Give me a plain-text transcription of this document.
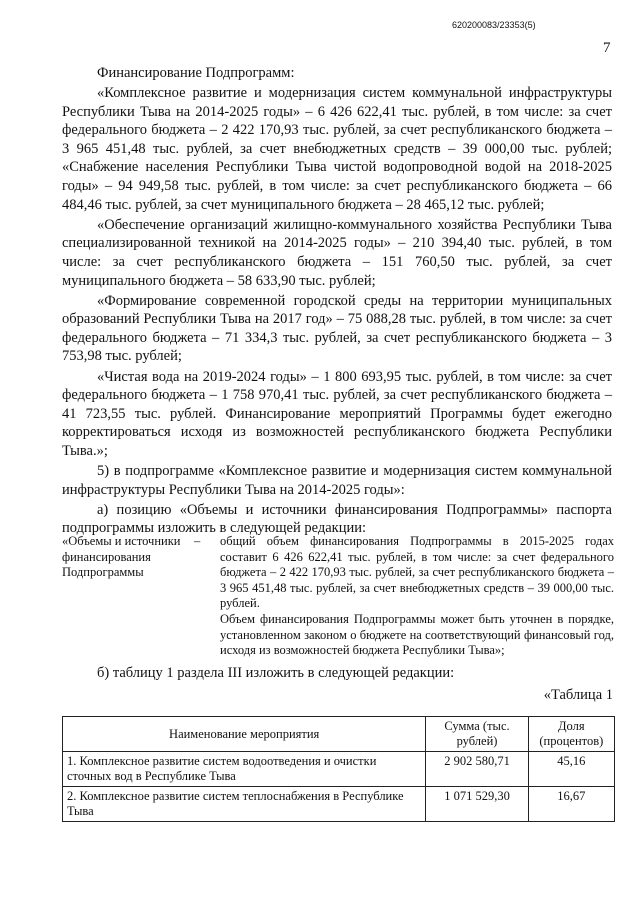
620200083/23353(5)
7

Финансирование Подпрограмм:

«Комплексное развитие и модернизация систем коммунальной инфраструктуры Республики Тыва на 2014-2025 годы» – 6 426 622,41 тыс. рублей, в том числе: за счет федерального бюджета – 2 422 170,93 тыс. рублей, за счет республиканского бюджета – 3 965 451,48 тыс. рублей, за счет внебюджетных средств – 39 000,00 тыс. рублей; «Снабжение населения Республики Тыва чистой водопроводной водой на 2018-2025 годы» – 94 949,58 тыс. рублей, в том числе: за счет республиканского бюджета – 66 484,46 тыс. рублей, за счет муниципального бюджета – 28 465,12 тыс. рублей;

«Обеспечение организаций жилищно-коммунального хозяйства Республики Тыва специализированной техникой на 2014-2025 годы» – 210 394,40 тыс. рублей, в том числе: за счет республиканского бюджета – 151 760,50 тыс. рублей, за счет муниципального бюджета – 58 633,90 тыс. рублей;

«Формирование современной городской среды на территории муниципальных образований Республики Тыва на 2017 год» – 75 088,28 тыс. рублей, в том числе: за счет федерального бюджета – 71 334,3 тыс. рублей, за счет республиканского бюджета – 3 753,98 тыс. рублей;

«Чистая вода на 2019-2024 годы» – 1 800 693,95 тыс. рублей, в том числе: за счет федерального бюджета – 1 758 970,41 тыс. рублей, за счет республиканского бюджета – 41 723,55 тыс. рублей. Финансирование мероприятий Программы будет ежегодно корректироваться исходя из возможностей республиканского бюджета Республики Тыва.»;

5) в подпрограмме «Комплексное развитие и модернизация систем коммунальной инфраструктуры Республики Тыва на 2014-2025 годы»:

а) позицию «Объемы и источники финансирования Подпрограммы» паспорта подпрограммы изложить в следующей редакции:

«Объемы и источники финансирования Подпрограммы
–	общий объем финансирования Подпрограммы в 2015-2025 годах составит 6 426 622,41 тыс. рублей, в том числе: за счет федерального бюджета – 2 422 170,93 тыс. рублей, за счет республиканского бюджета – 3 965 451,48 тыс. рублей, за счет внебюджетных средств – 39 000,00 тыс. рублей.

Объем финансирования Подпрограммы может быть уточнен в порядке, установленном законом о бюджете на соответствующий финансовый год, исходя из возможностей бюджета Республики Тыва»;

б) таблицу 1 раздела III изложить в следующей редакции:
«Таблица 1
Наименование мероприятия	Сумма (тыс. рублей)	Доля (процентов)
1. Комплексное развитие систем водоотведения и очистки сточных вод в Республике Тыва	2 902 580,71	45,16
2. Комплексное развитие систем теплоснабжения в Республике Тыва	1 071 529,30	16,67
